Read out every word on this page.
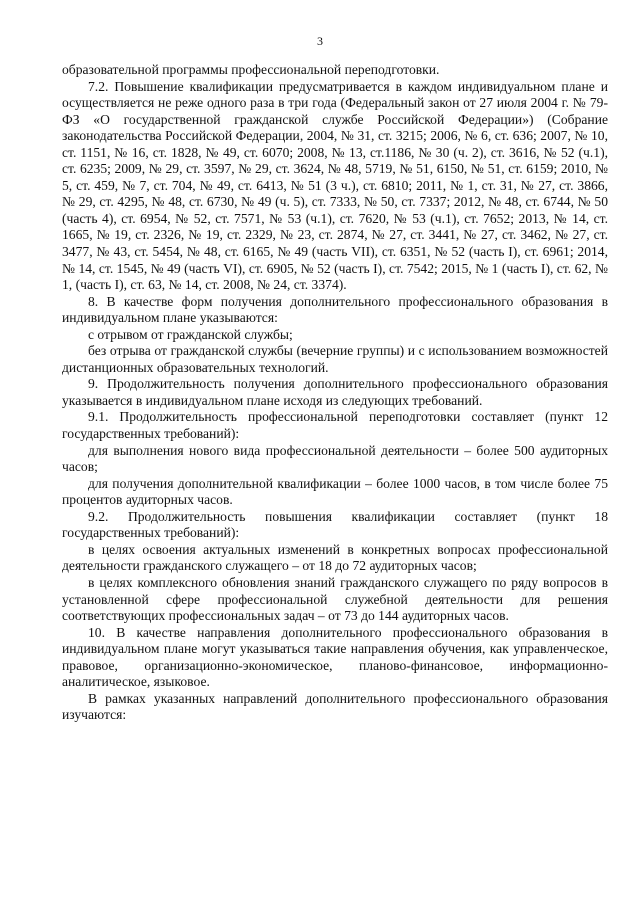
3

образовательной программы профессиональной переподготовки.

7.2. Повышение квалификации предусматривается в каждом индивидуальном плане и осуществляется не реже одного раза в три года (Федеральный закон от 27 июля 2004 г. № 79-ФЗ «О государственной гражданской службе Российской Федерации») (Собрание законодательства Российской Федерации, 2004, № 31, ст. 3215; 2006, № 6, ст. 636; 2007, № 10, ст. 1151, № 16, ст. 1828, № 49, ст. 6070; 2008, № 13, ст.1186, № 30 (ч. 2), ст. 3616, № 52 (ч.1), ст. 6235; 2009, № 29, ст. 3597, № 29, ст. 3624, № 48, 5719, № 51, 6150, № 51, ст. 6159; 2010, № 5, ст. 459, № 7, ст. 704, № 49, ст. 6413, № 51 (3 ч.), ст. 6810; 2011, № 1, ст. 31, № 27, ст. 3866, № 29, ст. 4295, № 48, ст. 6730, № 49 (ч. 5), ст. 7333, № 50, ст. 7337; 2012, № 48, ст. 6744, № 50 (часть 4), ст. 6954, № 52, ст. 7571, № 53 (ч.1), ст. 7620, № 53 (ч.1), ст. 7652; 2013, № 14, ст. 1665, № 19, ст. 2326, № 19, ст. 2329, № 23, ст. 2874, № 27, ст. 3441, № 27, ст. 3462, № 27, ст. 3477, № 43, ст. 5454, № 48, ст. 6165, № 49 (часть VII), ст. 6351, № 52 (часть I), ст. 6961; 2014, № 14, ст. 1545, № 49 (часть VI), ст. 6905, № 52 (часть I), ст. 7542; 2015, № 1 (часть I), ст. 62, № 1, (часть I), ст. 63, № 14, ст. 2008, № 24, ст. 3374).

8. В качестве форм получения дополнительного профессионального образования в индивидуальном плане указываются:

с отрывом от гражданской службы;

без отрыва от гражданской службы (вечерние группы) и с использованием возможностей дистанционных образовательных технологий.

9. Продолжительность получения дополнительного профессионального образования указывается в индивидуальном плане исходя из следующих требований.

9.1. Продолжительность профессиональной переподготовки составляет (пункт 12 государственных требований):

для выполнения нового вида профессиональной деятельности – более 500 аудиторных часов;

для получения дополнительной квалификации – более 1000 часов, в том числе более 75 процентов аудиторных часов.

9.2. Продолжительность повышения квалификации составляет (пункт 18 государственных требований):

в целях освоения актуальных изменений в конкретных вопросах профессиональной деятельности гражданского служащего – от 18 до 72 аудиторных часов;

в целях комплексного обновления знаний гражданского служащего по ряду вопросов в установленной сфере профессиональной служебной деятельности для решения соответствующих профессиональных задач – от 73 до 144 аудиторных часов.

10. В качестве направления дополнительного профессионального образования в индивидуальном плане могут указываться такие направления обучения, как управленческое, правовое, организационно-экономическое, планово-финансовое, информационно-аналитическое, языковое.

В рамках указанных направлений дополнительного профессионального образования изучаются:
